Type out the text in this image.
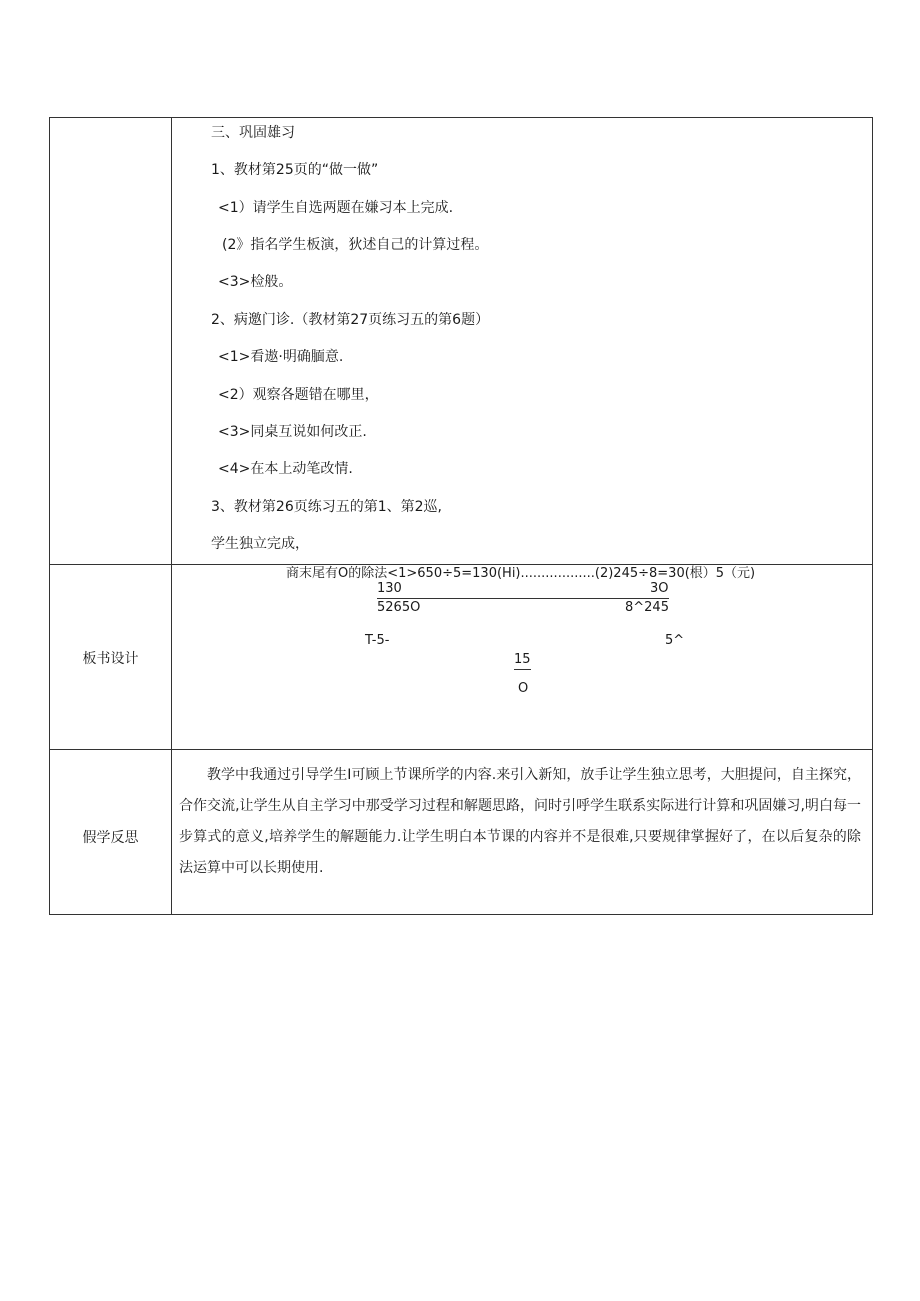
三、巩固雄习
1、教材第25页的“做一做”
<1）请学生自选两题在嫌习本上完成.
(2》指名学生板演，狄述自己的计算过程。
<3>检般。
2、病邀门诊.（教材第27页练习五的第6题）
<1>看遨·明确腼意.
<2）观察各题错在哪里，
<3>同桌互说如何改正.
<4>在本上动笔改情.
3、教材第26页练习五的第1、第2巡,
学生独立完成，
板书设计
商末尾有O的除法<1>650÷5=130(Hi)..................(2)245÷8=30(根）5（元)
130	3O
5265O	8^245
T-5-	5^
15
O
假学反思
教学中我通过引导学生I可顾上节课所学的内容.来引入新知，放手让学生独立思考，大胆提问，自主探究，合作交流,让学生从自主学习中那受学习过程和解题思路，问时引呼学生联系实际进行计算和巩固嫌习,明白每一步算式的意义,培养学生的解题能力.让学生明白本节课的内容并不是很难,只要规律掌握好了，在以后复杂的除法运算中可以长期使用.
